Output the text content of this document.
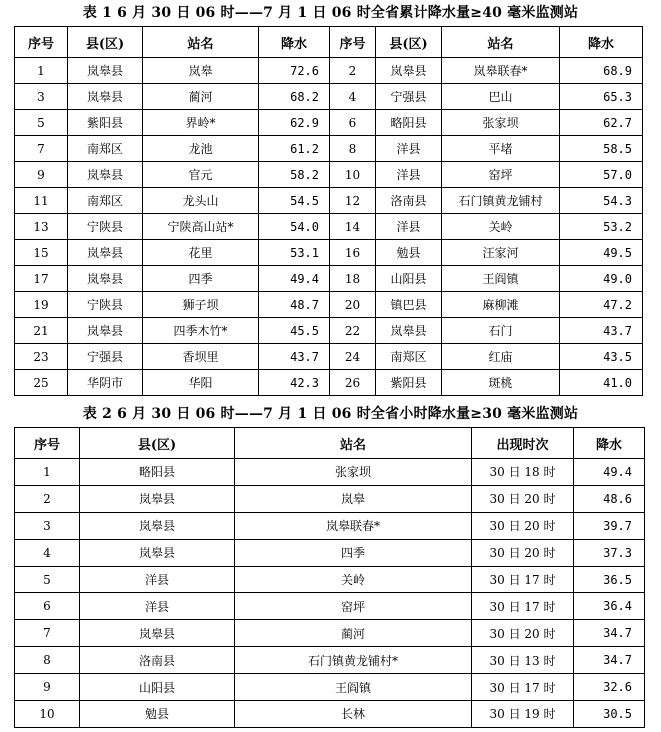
表 1 6 月 30 日 06 时——7 月 1 日 06 时全省累计降水量≥40 毫米监测站
序号	县(区)	站名	降水	序号	县(区)	站名	降水
1	岚皋县	岚皋	72.6	2	岚皋县	岚皋联春*	68.9
3	岚皋县	蔺河	68.2	4	宁强县	巴山	65.3
5	紫阳县	界岭*	62.9	6	略阳县	张家坝	62.7
7	南郑区	龙池	61.2	8	洋县	平堵	58.5
9	岚皋县	官元	58.2	10	洋县	窑坪	57.0
11	南郑区	龙头山	54.5	12	洛南县	石门镇黄龙铺村	54.3
13	宁陕县	宁陕高山站*	54.0	14	洋县	关岭	53.2
15	岚皋县	花里	53.1	16	勉县	汪家河	49.5
17	岚皋县	四季	49.4	18	山阳县	王阎镇	49.0
19	宁陕县	狮子坝	48.7	20	镇巴县	麻柳滩	47.2
21	岚皋县	四季木竹*	45.5	22	岚皋县	石门	43.7
23	宁强县	香坝里	43.7	24	南郑区	红庙	43.5
25	华阴市	华阳	42.3	26	紫阳县	斑桃	41.0
表 2 6 月 30 日 06 时——7 月 1 日 06 时全省小时降水量≥30 毫米监测站
序号	县(区)	站名	出现时次	降水
1	略阳县	张家坝	30 日 18 时	49.4
2	岚皋县	岚皋	30 日 20 时	48.6
3	岚皋县	岚皋联春*	30 日 20 时	39.7
4	岚皋县	四季	30 日 20 时	37.3
5	洋县	关岭	30 日 17 时	36.5
6	洋县	窑坪	30 日 17 时	36.4
7	岚皋县	蔺河	30 日 20 时	34.7
8	洛南县	石门镇黄龙铺村*	30 日 13 时	34.7
9	山阳县	王阎镇	30 日 17 时	32.6
10	勉县	长林	30 日 19 时	30.5
